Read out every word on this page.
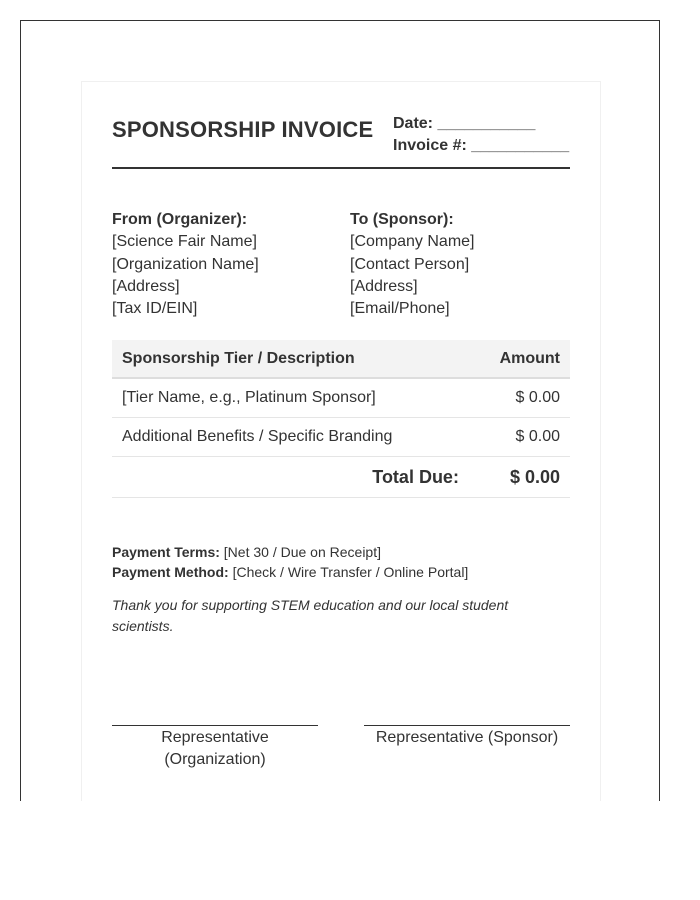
SPONSORSHIP INVOICE Date: ___________
Invoice #: ___________
From (Organizer):
[Science Fair Name]
[Organization Name]
[Address]
[Tax ID/EIN]
To (Sponsor):
[Company Name]
[Contact Person]
[Address]
[Email/Phone]
Sponsorship Tier / Description	Amount
[Tier Name, e.g., Platinum Sponsor]	$ 0.00
Additional Benefits / Specific Branding	$ 0.00
Total Due:	$ 0.00
Payment Terms: [Net 30 / Due on Receipt]
Payment Method: [Check / Wire Transfer / Online Portal]
Thank you for supporting STEM education and our local student scientists.
Representative
(Organization)
Representative (Sponsor)
